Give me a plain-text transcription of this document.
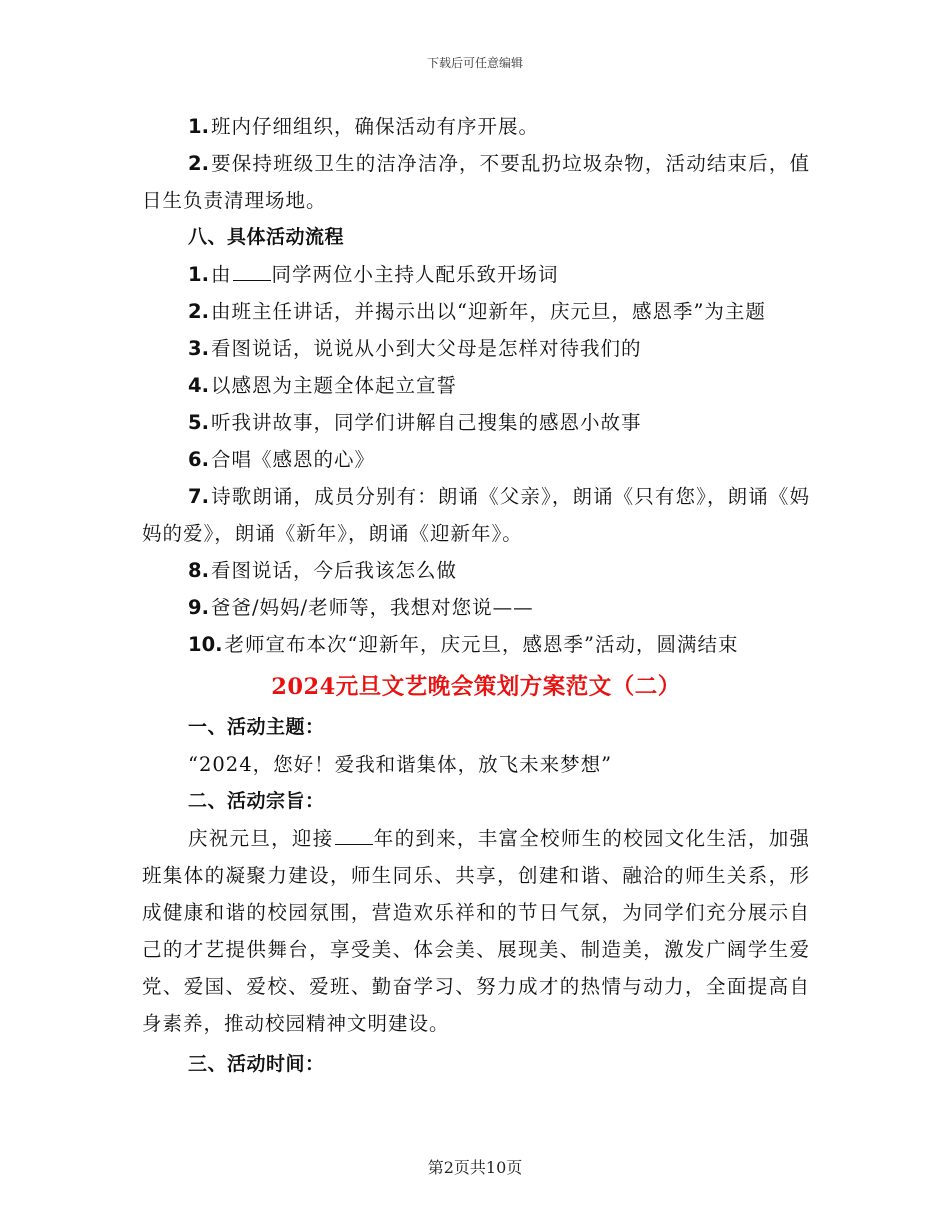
下载后可任意编辑

1. 班内仔细组织，确保活动有序开展。

2. 要保持班级卫生的洁净洁净，不要乱扔垃圾杂物，活动结束后，值日生负责清理场地。

八、具体活动流程

1. 由 同学两位小主持人配乐致开场词

2. 由班主任讲话，并揭示出以“迎新年，庆元旦，感恩季”为主题

3. 看图说话，说说从小到大父母是怎样对待我们的

4. 以感恩为主题全体起立宣誓

5. 听我讲故事，同学们讲解自己搜集的感恩小故事

6. 合唱《感恩的心》

7. 诗歌朗诵，成员分别有：朗诵《父亲》，朗诵《只有您》，朗诵《妈妈的爱》，朗诵《新年》，朗诵《迎新年》。

8. 看图说话，今后我该怎么做

9. 爸爸/妈妈/老师等，我想对您说——

10. 老师宣布本次“迎新年，庆元旦，感恩季”活动，圆满结束

2024元旦文艺晚会策划方案范文（二）

一、活动主题：

“2024，您好！爱我和谐集体，放飞未来梦想”

二、活动宗旨：

庆祝元旦，迎接 年的到来，丰富全校师生的校园文化生活，加强班集体的凝聚力建设，师生同乐、共享，创建和谐、融洽的师生关系，形成健康和谐的校园氛围，营造欢乐祥和的节日气氛，为同学们充分展示自己的才艺提供舞台，享受美、体会美、展现美、制造美，激发广阔学生爱党、爱国、爱校、爱班、勤奋学习、努力成才的热情与动力，全面提高自身素养，推动校园精神文明建设。

三、活动时间：

第2页共10页
